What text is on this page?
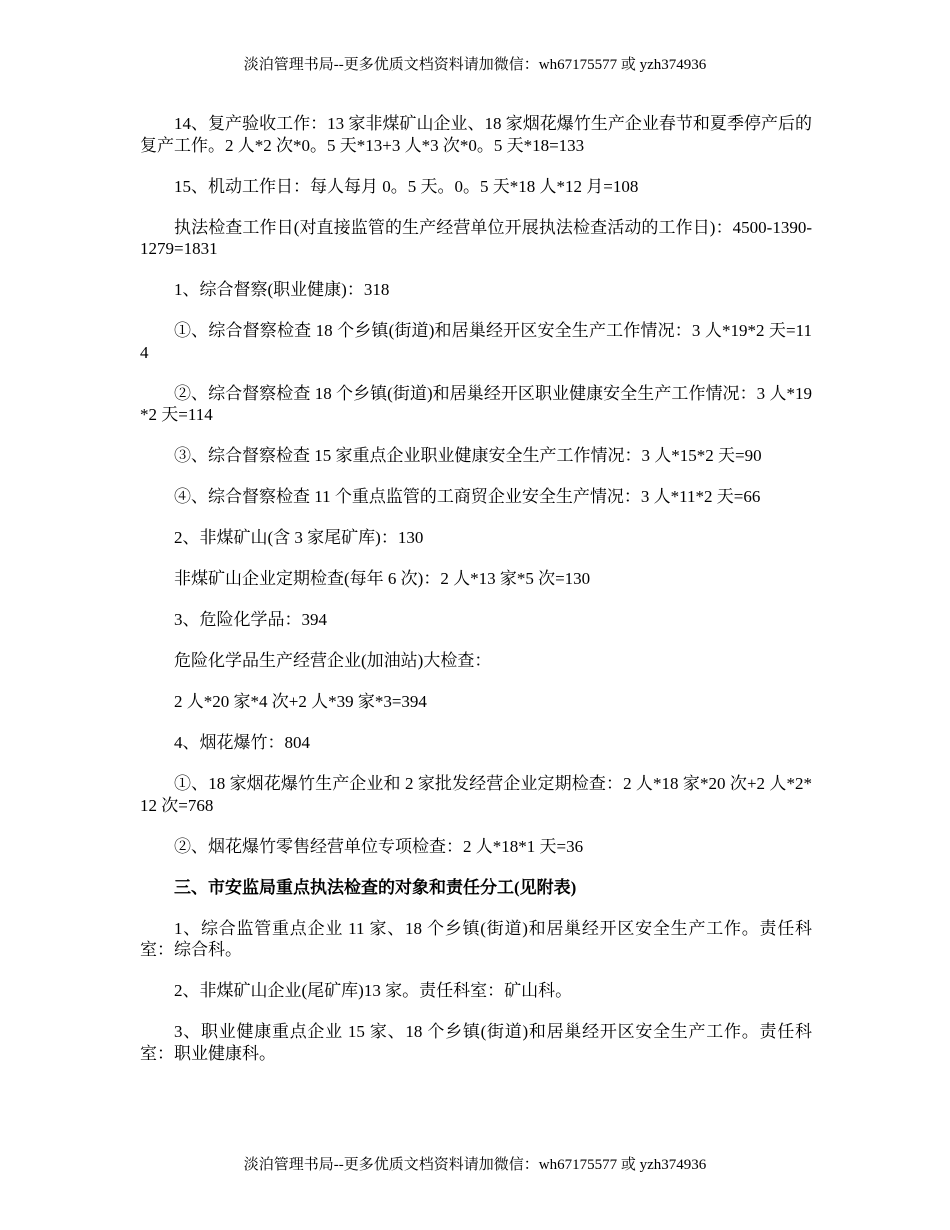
淡泊管理书局--更多优质文档资料请加微信：wh67175577 或 yzh374936

14、复产验收工作：13 家非煤矿山企业、18 家烟花爆竹生产企业春节和夏季停产后的复产工作。2 人*2 次*0。5 天*13+3 人*3 次*0。5 天*18=133

15、机动工作日：每人每月 0。5 天。0。5 天*18 人*12 月=108

执法检查工作日(对直接监管的生产经营单位开展执法检查活动的工作日)：4500-1390-1279=1831

1、综合督察(职业健康)：318

①、综合督察检查 18 个乡镇(街道)和居巢经开区安全生产工作情况：3 人*19*2 天=114

②、综合督察检查 18 个乡镇(街道)和居巢经开区职业健康安全生产工作情况：3 人*19*2 天=114

③、综合督察检查 15 家重点企业职业健康安全生产工作情况：3 人*15*2 天=90

④、综合督察检查 11 个重点监管的工商贸企业安全生产情况：3 人*11*2 天=66

2、非煤矿山(含 3 家尾矿库)：130

非煤矿山企业定期检查(每年 6 次)：2 人*13 家*5 次=130

3、危险化学品：394

危险化学品生产经营企业(加油站)大检查：

2 人*20 家*4 次+2 人*39 家*3=394

4、烟花爆竹：804

①、18 家烟花爆竹生产企业和 2 家批发经营企业定期检查：2 人*18 家*20 次+2 人*2*12 次=768

②、烟花爆竹零售经营单位专项检查：2 人*18*1 天=36

三、市安监局重点执法检查的对象和责任分工(见附表)

1、综合监管重点企业 11 家、18 个乡镇(街道)和居巢经开区安全生产工作。责任科室：综合科。

2、非煤矿山企业(尾矿库)13 家。责任科室：矿山科。

3、职业健康重点企业 15 家、18 个乡镇(街道)和居巢经开区安全生产工作。责任科室：职业健康科。

淡泊管理书局--更多优质文档资料请加微信：wh67175577 或 yzh374936
